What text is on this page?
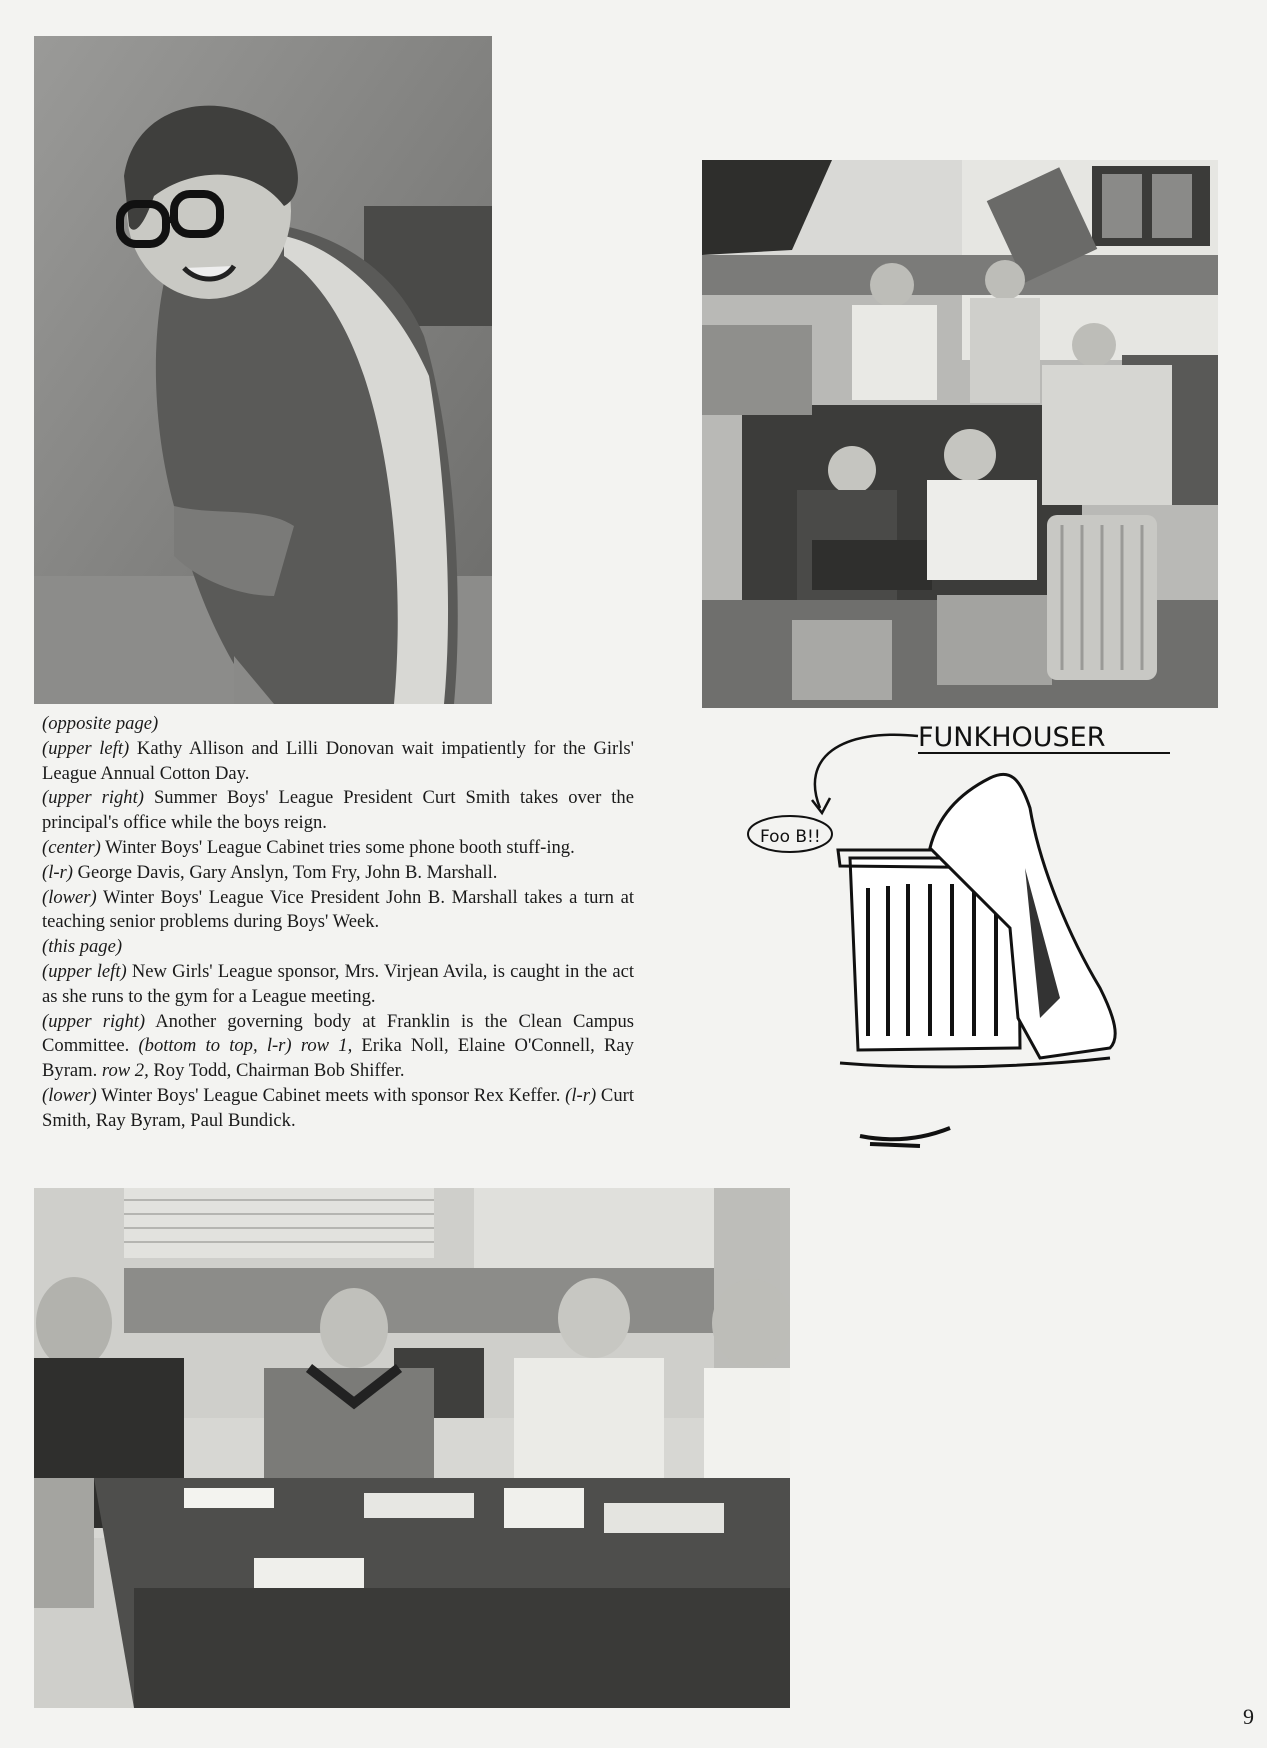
(opposite page)

(upper left) Kathy Allison and Lilli Donovan wait impatiently for the Girls' League Annual Cotton Day.

(upper right) Summer Boys' League President Curt Smith takes over the principal's office while the boys reign.

(center) Winter Boys' League Cabinet tries some phone booth stuff-ing.

(l-r) George Davis, Gary Anslyn, Tom Fry, John B. Marshall.

(lower) Winter Boys' League Vice President John B. Marshall takes a turn at teaching senior problems during Boys' Week.

(this page)

(upper left) New Girls' League sponsor, Mrs. Virjean Avila, is caught in the act as she runs to the gym for a League meeting.

(upper right) Another governing body at Franklin is the Clean Campus Committee. (bottom to top, l-r) row 1, Erika Noll, Elaine O'Connell, Ray Byram. row 2, Roy Todd, Chairman Bob Shiffer.

(lower) Winter Boys' League Cabinet meets with sponsor Rex Keffer. (l-r) Curt Smith, Ray Byram, Paul Bundick.

FUNKHOUSER
Foo B!!
9
